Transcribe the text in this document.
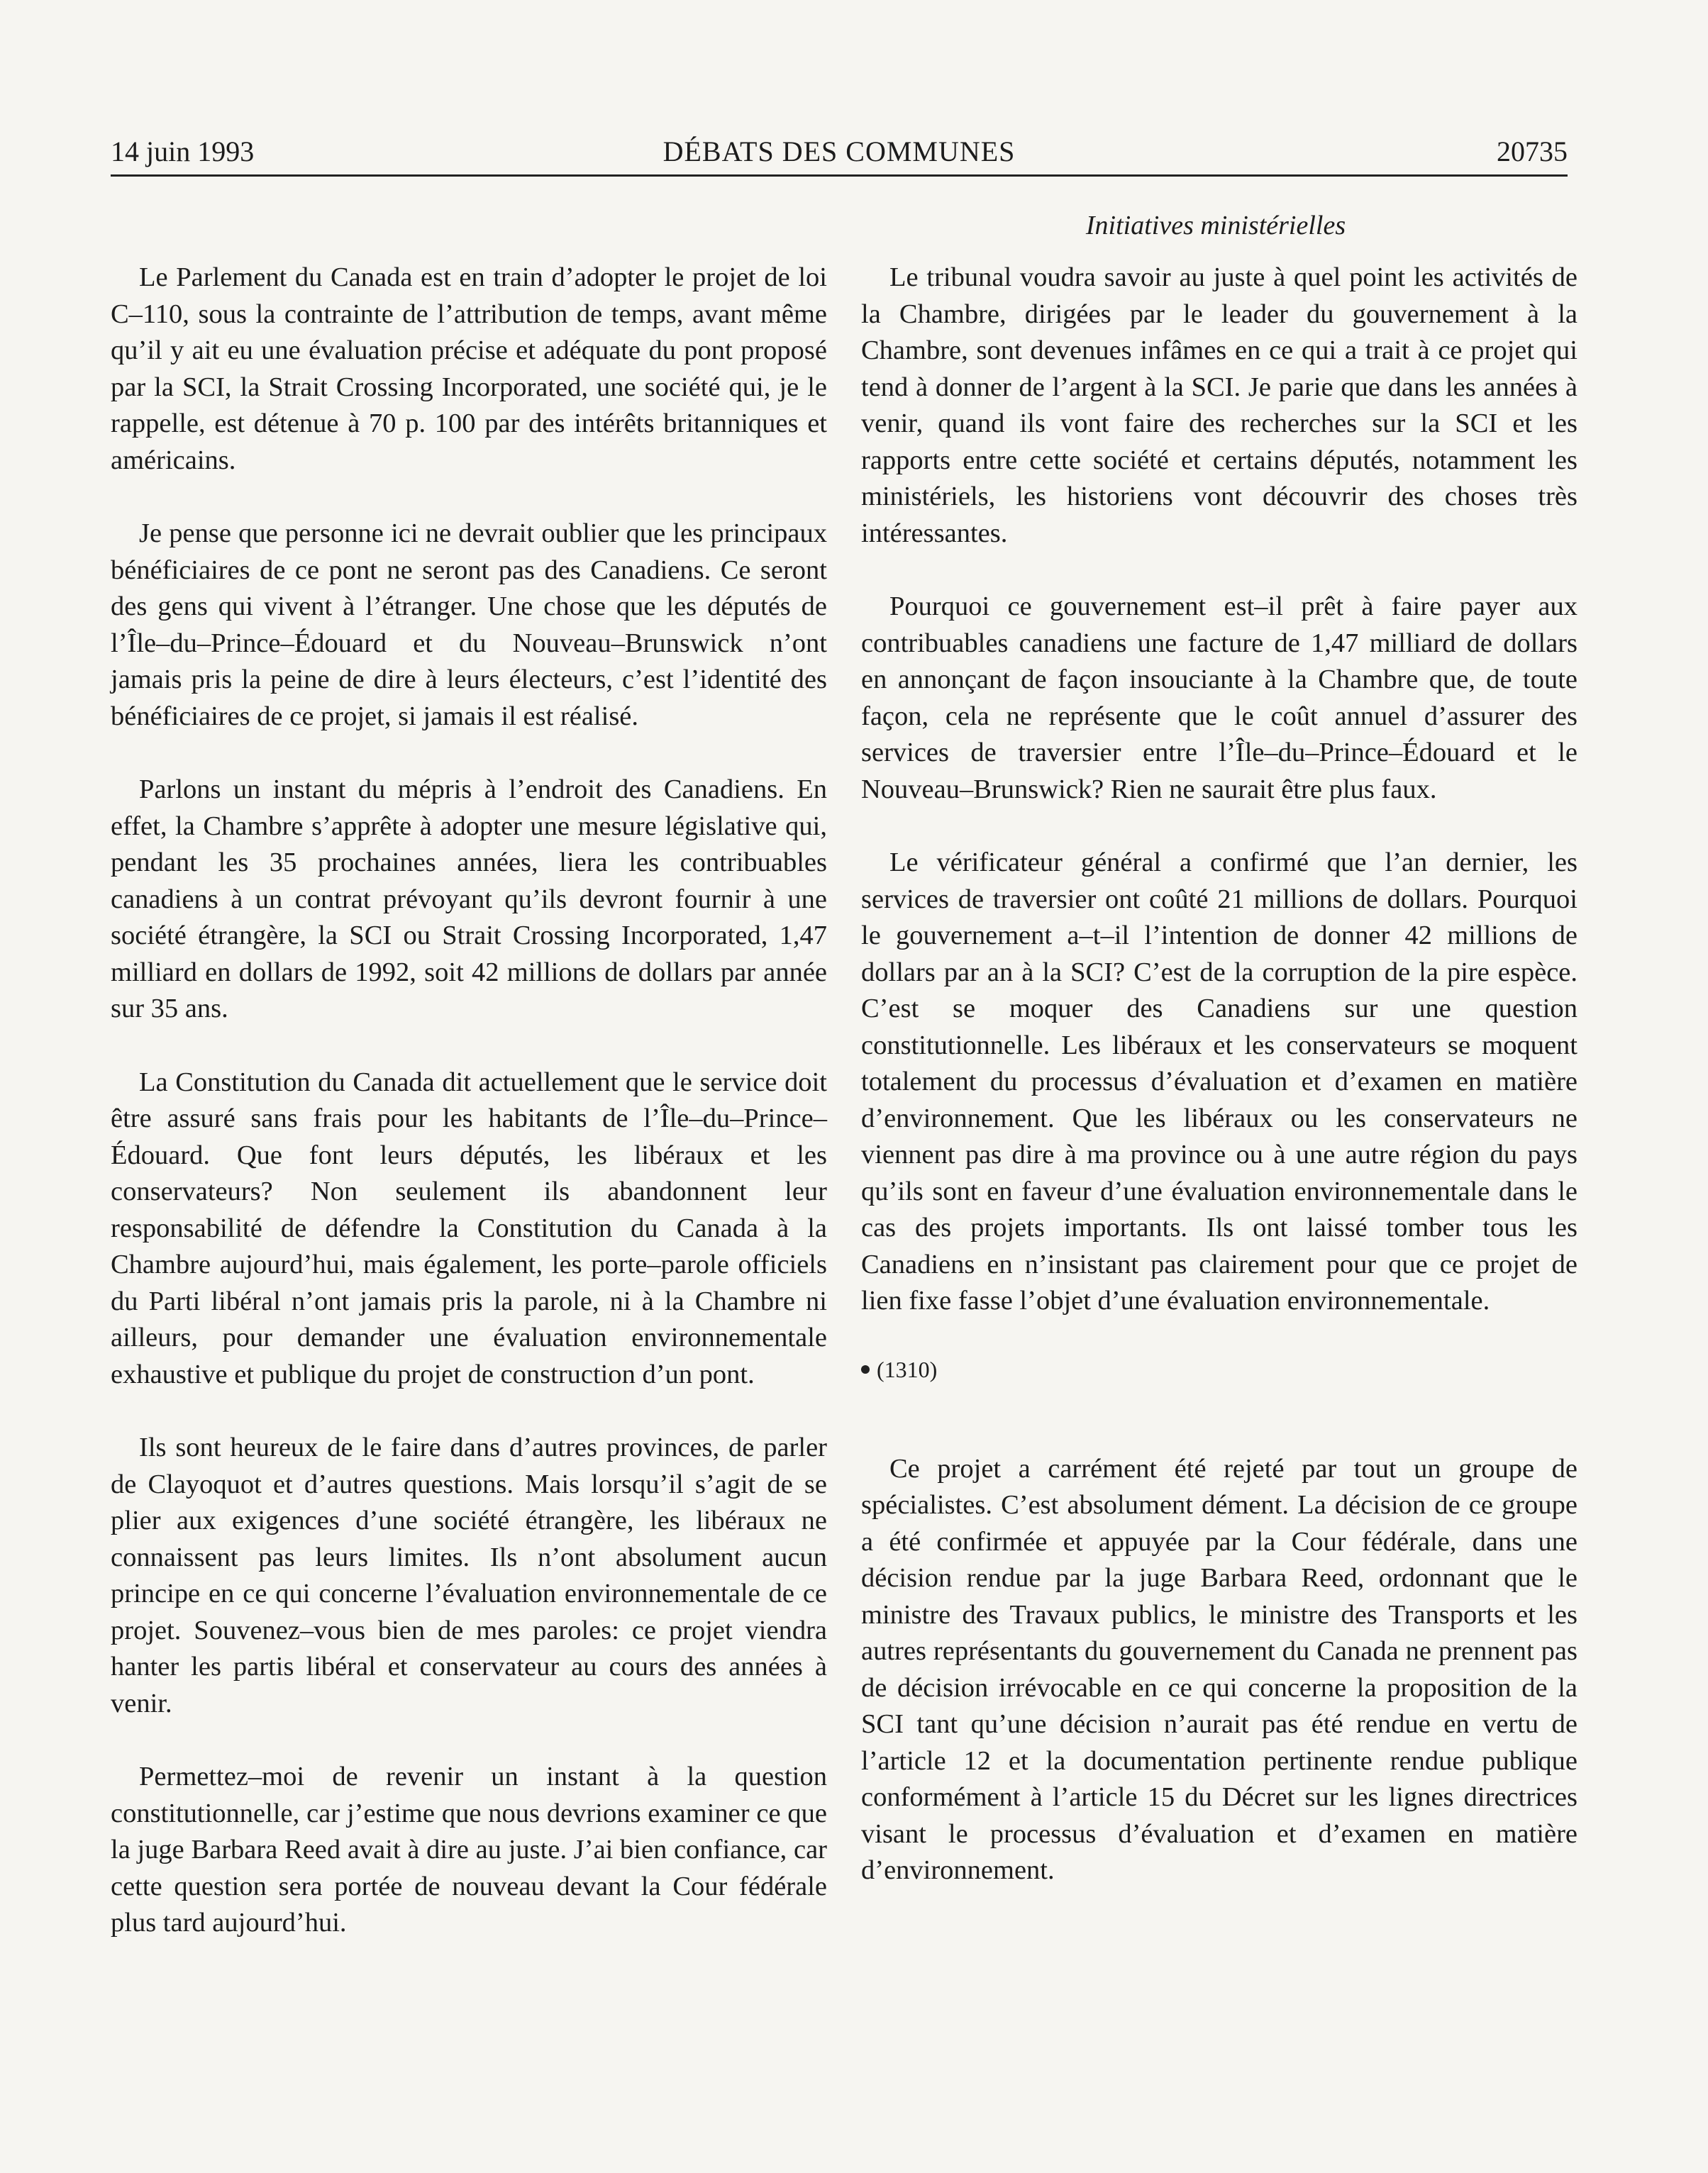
14 juin 1993	DÉBATS DES COMMUNES	20735
Initiatives ministérielles

Le Parlement du Canada est en train d’adopter le projet de loi C–110, sous la contrainte de l’attribution de temps, avant même qu’il y ait eu une évaluation précise et adéquate du pont proposé par la SCI, la Strait Crossing Incorporated, une société qui, je le rappelle, est détenue à 70 p. 100 par des intérêts britanniques et américains.

Je pense que personne ici ne devrait oublier que les principaux bénéficiaires de ce pont ne seront pas des Canadiens. Ce seront des gens qui vivent à l’étranger. Une chose que les députés de l’Île–du–Prince–Édouard et du Nouveau–Brunswick n’ont jamais pris la peine de dire à leurs électeurs, c’est l’identité des bénéficiaires de ce projet, si jamais il est réalisé.

Parlons un instant du mépris à l’endroit des Canadiens. En effet, la Chambre s’apprête à adopter une mesure législative qui, pendant les 35 prochaines années, liera les contribuables canadiens à un contrat prévoyant qu’ils devront fournir à une société étrangère, la SCI ou Strait Crossing Incorporated, 1,47 milliard en dollars de 1992, soit 42 millions de dollars par année sur 35 ans.

La Constitution du Canada dit actuellement que le service doit être assuré sans frais pour les habitants de l’Île–du–Prince–Édouard. Que font leurs députés, les libéraux et les conservateurs? Non seulement ils abandonnent leur responsabilité de défendre la Constitution du Canada à la Chambre aujourd’hui, mais également, les porte–parole officiels du Parti libéral n’ont jamais pris la parole, ni à la Chambre ni ailleurs, pour demander une évaluation environnementale exhaustive et publique du projet de construction d’un pont.

Ils sont heureux de le faire dans d’autres provinces, de parler de Clayoquot et d’autres questions. Mais lorsqu’il s’agit de se plier aux exigences d’une société étrangère, les libéraux ne connaissent pas leurs limites. Ils n’ont absolument aucun principe en ce qui concerne l’évaluation environnementale de ce projet. Souvenez–vous bien de mes paroles: ce projet viendra hanter les partis libéral et conservateur au cours des années à venir.

Permettez–moi de revenir un instant à la question constitutionnelle, car j’estime que nous devrions examiner ce que la juge Barbara Reed avait à dire au juste. J’ai bien confiance, car cette question sera portée de nouveau devant la Cour fédérale plus tard aujourd’hui.

Le tribunal voudra savoir au juste à quel point les activités de la Chambre, dirigées par le leader du gouvernement à la Chambre, sont devenues infâmes en ce qui a trait à ce projet qui tend à donner de l’argent à la SCI. Je parie que dans les années à venir, quand ils vont faire des recherches sur la SCI et les rapports entre cette société et certains députés, notamment les ministériels, les historiens vont découvrir des choses très intéressantes.

Pourquoi ce gouvernement est–il prêt à faire payer aux contribuables canadiens une facture de 1,47 milliard de dollars en annonçant de façon insouciante à la Chambre que, de toute façon, cela ne représente que le coût annuel d’assurer des services de traversier entre l’Île–du–Prince–Édouard et le Nouveau–Brunswick? Rien ne saurait être plus faux.

Le vérificateur général a confirmé que l’an dernier, les services de traversier ont coûté 21 millions de dollars. Pourquoi le gouvernement a–t–il l’intention de donner 42 millions de dollars par an à la SCI? C’est de la corruption de la pire espèce. C’est se moquer des Canadiens sur une question constitutionnelle. Les libéraux et les conservateurs se moquent totalement du processus d’évaluation et d’examen en matière d’environnement. Que les libéraux ou les conservateurs ne viennent pas dire à ma province ou à une autre région du pays qu’ils sont en faveur d’une évaluation environnementale dans le cas des projets importants. Ils ont laissé tomber tous les Canadiens en n’insistant pas clairement pour que ce projet de lien fixe fasse l’objet d’une évaluation environnementale.

(1310)

Ce projet a carrément été rejeté par tout un groupe de spécialistes. C’est absolument dément. La décision de ce groupe a été confirmée et appuyée par la Cour fédérale, dans une décision rendue par la juge Barbara Reed, ordonnant que le ministre des Travaux publics, le ministre des Transports et les autres représentants du gouvernement du Canada ne prennent pas de décision irrévocable en ce qui concerne la proposition de la SCI tant qu’une décision n’aurait pas été rendue en vertu de l’article 12 et la documentation pertinente rendue publique conformément à l’article 15 du Décret sur les lignes directrices visant le processus d’évaluation et d’examen en matière d’environnement.
